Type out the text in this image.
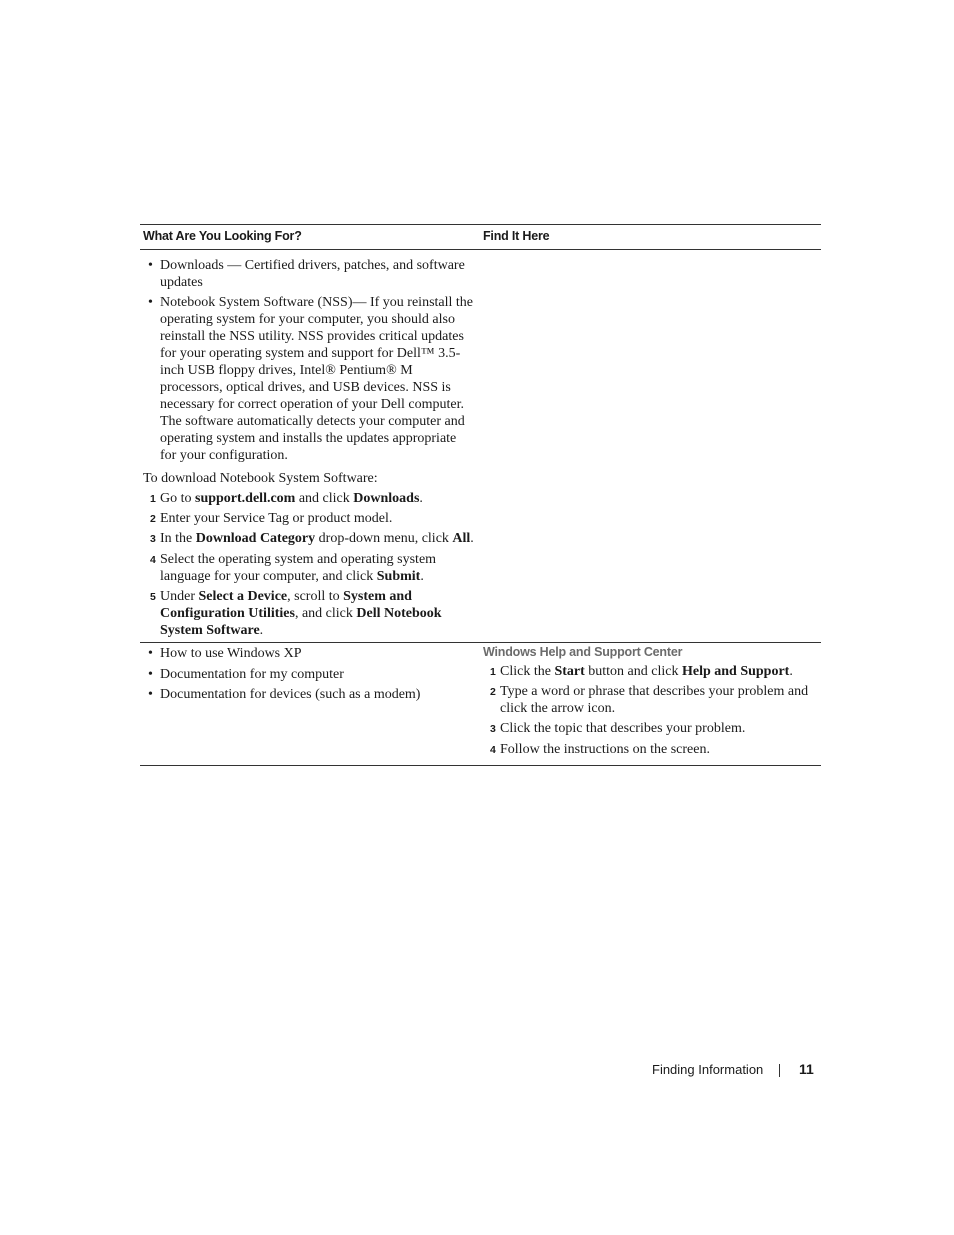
What Are You Looking For?	Find It Here
• Downloads — Certified drivers, patches, and software updates
• Notebook System Software (NSS)— If you reinstall the operating system for your computer, you should also reinstall the NSS utility. NSS provides critical updates for your operating system and support for Dell™ 3.5-inch USB floppy drives, Intel® Pentium® M processors, optical drives, and USB devices. NSS is necessary for correct operation of your Dell computer. The software automatically detects your computer and operating system and installs the updates appropriate for your configuration.
To download Notebook System Software:
1 Go to support.dell.com and click Downloads.
2 Enter your Service Tag or product model.
3 In the Download Category drop-down menu, click All.
4 Select the operating system and operating system language for your computer, and click Submit.
5 Under Select a Device, scroll to System and Configuration Utilities, and click Dell Notebook System Software.
• How to use Windows XP
• Documentation for my computer
• Documentation for devices (such as a modem)
Windows Help and Support Center
1 Click the Start button and click Help and Support.
2 Type a word or phrase that describes your problem and click the arrow icon.
3 Click the topic that describes your problem.
4 Follow the instructions on the screen.
Finding Information	11
